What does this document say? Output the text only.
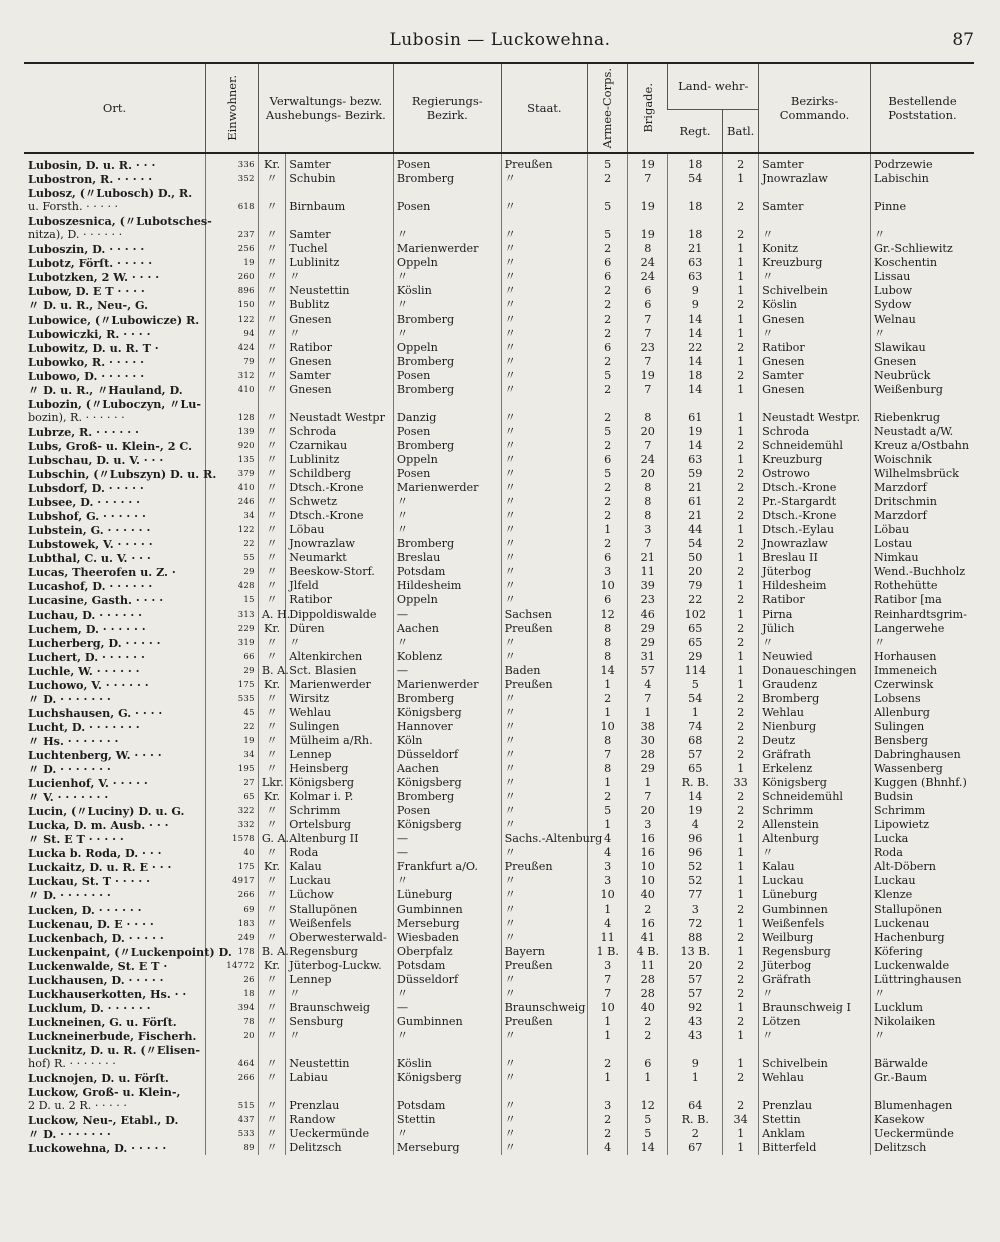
Lubosin — Luckowehna.	87
Ort.	Einwohner.	Verwaltungs- bezw. Aushebungs- Bezirk.		Regierungs- Bezirk.	Staat.	Armee-Corps.	Brigade.	Land- wehr-		Bezirks- Commando.	Bestellende Poststation.
								Regt.	Batl.		
Lubosin, D. u. R. · · ·	336	Kr.	Samter	Posen	Preußen	5	19	18	2	Samter	Podrzewie
Lubostron, R. · · · · ·	352	〃	Schubin	Bromberg	〃	2	7	54	1	Jnowrazlaw	Labischin
Lubosz, (〃Lubosch) D., R.											
u. Forsth. · · · · ·	618	〃	Birnbaum	Posen	〃	5	19	18	2	Samter	Pinne
Luboszesnica, (〃Lubotsches-											
nitza), D. · · · · · ·	237	〃	Samter	〃	〃	5	19	18	2	〃	〃
Luboszin, D. · · · · ·	256	〃	Tuchel	Marienwerder	〃	2	8	21	1	Konitz	Gr.-Schliewitz
Lubotz, Förſt. · · · · ·	19	〃	Lublinitz	Oppeln	〃	6	24	63	1	Kreuzburg	Koschentin
Lubotzken, 2 W. · · · ·	260	〃	〃	〃	〃	6	24	63	1	〃	Lissau
Lubow, D. E T · · · ·	896	〃	Neustettin	Köslin	〃	2	6	9	1	Schivelbein	Lubow
〃 D. u. R., Neu-, G.	150	〃	Bublitz	〃	〃	2	6	9	2	Köslin	Sydow
Lubowice, (〃Lubowicze) R.	122	〃	Gnesen	Bromberg	〃	2	7	14	1	Gnesen	Welnau
Lubowiczki, R. · · · ·	94	〃	〃	〃	〃	2	7	14	1	〃	〃
Lubowitz, D. u. R. T ·	424	〃	Ratibor	Oppeln	〃	6	23	22	2	Ratibor	Slawikau
Lubowko, R. · · · · ·	79	〃	Gnesen	Bromberg	〃	2	7	14	1	Gnesen	Gnesen
Lubowo, D. · · · · · ·	312	〃	Samter	Posen	〃	5	19	18	2	Samter	Neubrück
〃 D. u. R., 〃Hauland, D.	410	〃	Gnesen	Bromberg	〃	2	7	14	1	Gnesen	Weißenburg
Lubozin, (〃Luboczyn, 〃Lu-											
bozin), R. · · · · · ·	128	〃	Neustadt Westpr	Danzig	〃	2	8	61	1	Neustadt Westpr.	Riebenkrug
Lubrze, R. · · · · · ·	139	〃	Schroda	Posen	〃	5	20	19	1	Schroda	Neustadt a/W.
Lubs, Groß- u. Klein-, 2 C.	920	〃	Czarnikau	Bromberg	〃	2	7	14	2	Schneidemühl	Kreuz a/Ostbahn
Lubschau, D. u. V. · · ·	135	〃	Lublinitz	Oppeln	〃	6	24	63	1	Kreuzburg	Woischnik
Lubschin, (〃Lubszyn) D. u. R.	379	〃	Schildberg	Posen	〃	5	20	59	2	Ostrowo	Wilhelmsbrück
Lubsdorf, D. · · · · ·	410	〃	Dtsch.-Krone	Marienwerder	〃	2	8	21	2	Dtsch.-Krone	Marzdorf
Lubsee, D. · · · · · ·	246	〃	Schwetz	〃	〃	2	8	61	2	Pr.-Stargardt	Dritschmin
Lubshof, G. · · · · · ·	34	〃	Dtsch.-Krone	〃	〃	2	8	21	2	Dtsch.-Krone	Marzdorf
Lubstein, G. · · · · · ·	122	〃	Löbau	〃	〃	1	3	44	1	Dtsch.-Eylau	Löbau
Lubstowek, V. · · · · ·	22	〃	Jnowrazlaw	Bromberg	〃	2	7	54	2	Jnowrazlaw	Lostau
Lubthal, C. u. V. · · ·	55	〃	Neumarkt	Breslau	〃	6	21	50	1	Breslau II	Nimkau
Lucas, Theerofen u. Z. ·	29	〃	Beeskow-Storf.	Potsdam	〃	3	11	20	2	Jüterbog	Wend.-Buchholz
Lucashof, D. · · · · · ·	428	〃	Jlfeld	Hildesheim	〃	10	39	79	1	Hildesheim	Rothehütte
Lucasine, Gasth. · · · ·	15	〃	Ratibor	Oppeln	〃	6	23	22	2	Ratibor	Ratibor [ma
Luchau, D. · · · · · ·	313	A. H.	Dippoldiswalde	—	Sachsen	12	46	102	1	Pirna	Reinhardtsgrim-
Luchem, D. · · · · · ·	229	Kr.	Düren	Aachen	Preußen	8	29	65	2	Jülich	Langerwehe
Lucherberg, D. · · · · ·	319	〃	〃	〃	〃	8	29	65	2	〃	〃
Luchert, D. · · · · · ·	66	〃	Altenkirchen	Koblenz	〃	8	31	29	1	Neuwied	Horhausen
Luchle, W. · · · · · ·	29	B. A.	Sct. Blasien	—	Baden	14	57	114	1	Donaueschingen	Immeneich
Luchowo, V. · · · · · ·	175	Kr.	Marienwerder	Marienwerder	Preußen	1	4	5	1	Graudenz	Czerwinsk
〃 D. · · · · · · ·	535	〃	Wirsitz	Bromberg	〃	2	7	54	2	Bromberg	Lobsens
Luchshausen, G. · · · ·	45	〃	Wehlau	Königsberg	〃	1	1	1	2	Wehlau	Allenburg
Lucht, D. · · · · · · ·	22	〃	Sulingen	Hannover	〃	10	38	74	2	Nienburg	Sulingen
〃 Hs. · · · · · · ·	19	〃	Mülheim a/Rh.	Köln	〃	8	30	68	2	Deutz	Bensberg
Luchtenberg, W. · · · ·	34	〃	Lennep	Düsseldorf	〃	7	28	57	2	Gräfrath	Dabringhausen
〃 D. · · · · · · ·	195	〃	Heinsberg	Aachen	〃	8	29	65	1	Erkelenz	Wassenberg
Lucienhof, V. · · · · ·	27	Lkr.	Königsberg	Königsberg	〃	1	1	R. B.	33	Königsberg	Kuggen (Bhnhf.)
〃 V. · · · · · · ·	65	Kr.	Kolmar i. P.	Bromberg	〃	2	7	14	2	Schneidemühl	Budsin
Lucin, (〃Luciny) D. u. G.	322	〃	Schrimm	Posen	〃	5	20	19	2	Schrimm	Schrimm
Lucka, D. m. Ausb. · · ·	332	〃	Ortelsburg	Königsberg	〃	1	3	4	2	Allenstein	Lipowietz
〃 St. E T · · · · ·	1578	G. A.	Altenburg II	—	Sachs.-Altenburg	4	16	96	1	Altenburg	Lucka
Lucka b. Roda, D. · · ·	40	〃	Roda	—	〃	4	16	96	1	〃	Roda
Luckaitz, D. u. R. E · · ·	175	Kr.	Kalau	Frankfurt a/O.	Preußen	3	10	52	1	Kalau	Alt-Döbern
Luckau, St. T · · · · ·	4917	〃	Luckau	〃	〃	3	10	52	1	Luckau	Luckau
〃 D. · · · · · · ·	266	〃	Lüchow	Lüneburg	〃	10	40	77	1	Lüneburg	Klenze
Lucken, D. · · · · · ·	69	〃	Stallupönen	Gumbinnen	〃	1	2	3	2	Gumbinnen	Stallupönen
Luckenau, D. E · · · ·	183	〃	Weißenfels	Merseburg	〃	4	16	72	1	Weißenfels	Luckenau
Luckenbach, D. · · · · ·	249	〃	Oberwesterwald-	Wiesbaden	〃	11	41	88	2	Weilburg	Hachenburg
Luckenpaint, (〃Luckenpoint) D.	178	B. A.	Regensburg	Oberpfalz	Bayern	1 B.	4 B.	13 B.	1	Regensburg	Köfering
Luckenwalde, St. E T ·	14772	Kr.	Jüterbog-Luckw.	Potsdam	Preußen	3	11	20	2	Jüterbog	Luckenwalde
Luckhausen, D. · · · · ·	26	〃	Lennep	Düsseldorf	〃	7	28	57	2	Gräfrath	Lüttringhausen
Luckhauserkotten, Hs. · ·	18	〃	〃	〃	〃	7	28	57	2	〃	〃
Lucklum, D. · · · · · ·	394	〃	Braunschweig	—	Braunschweig	10	40	92	1	Braunschweig I	Lucklum
Luckneinen, G. u. Förſt.	78	〃	Sensburg	Gumbinnen	Preußen	1	2	43	2	Lötzen	Nikolaiken
Luckneinerbude, Fischerh.	20	〃	〃	〃	〃	1	2	43	1	〃	〃
Lucknitz, D. u. R. (〃Elisen-											
hof) R. · · · · · · ·	464	〃	Neustettin	Köslin	〃	2	6	9	1	Schivelbein	Bärwalde
Lucknojen, D. u. Förſt.	266	〃	Labiau	Königsberg	〃	1	1	1	2	Wehlau	Gr.-Baum
Luckow, Groß- u. Klein-,											
2 D. u. 2 R. · · · · ·	515	〃	Prenzlau	Potsdam	〃	3	12	64	2	Prenzlau	Blumenhagen
Luckow, Neu-, Etabl., D.	437	〃	Randow	Stettin	〃	2	5	R. B.	34	Stettin	Kasekow
〃 D. · · · · · · ·	533	〃	Ueckermünde	〃	〃	2	5	2	1	Anklam	Ueckermünde
Luckowehna, D. · · · · ·	89	〃	Delitzsch	Merseburg	〃	4	14	67	1	Bitterfeld	Delitzsch
